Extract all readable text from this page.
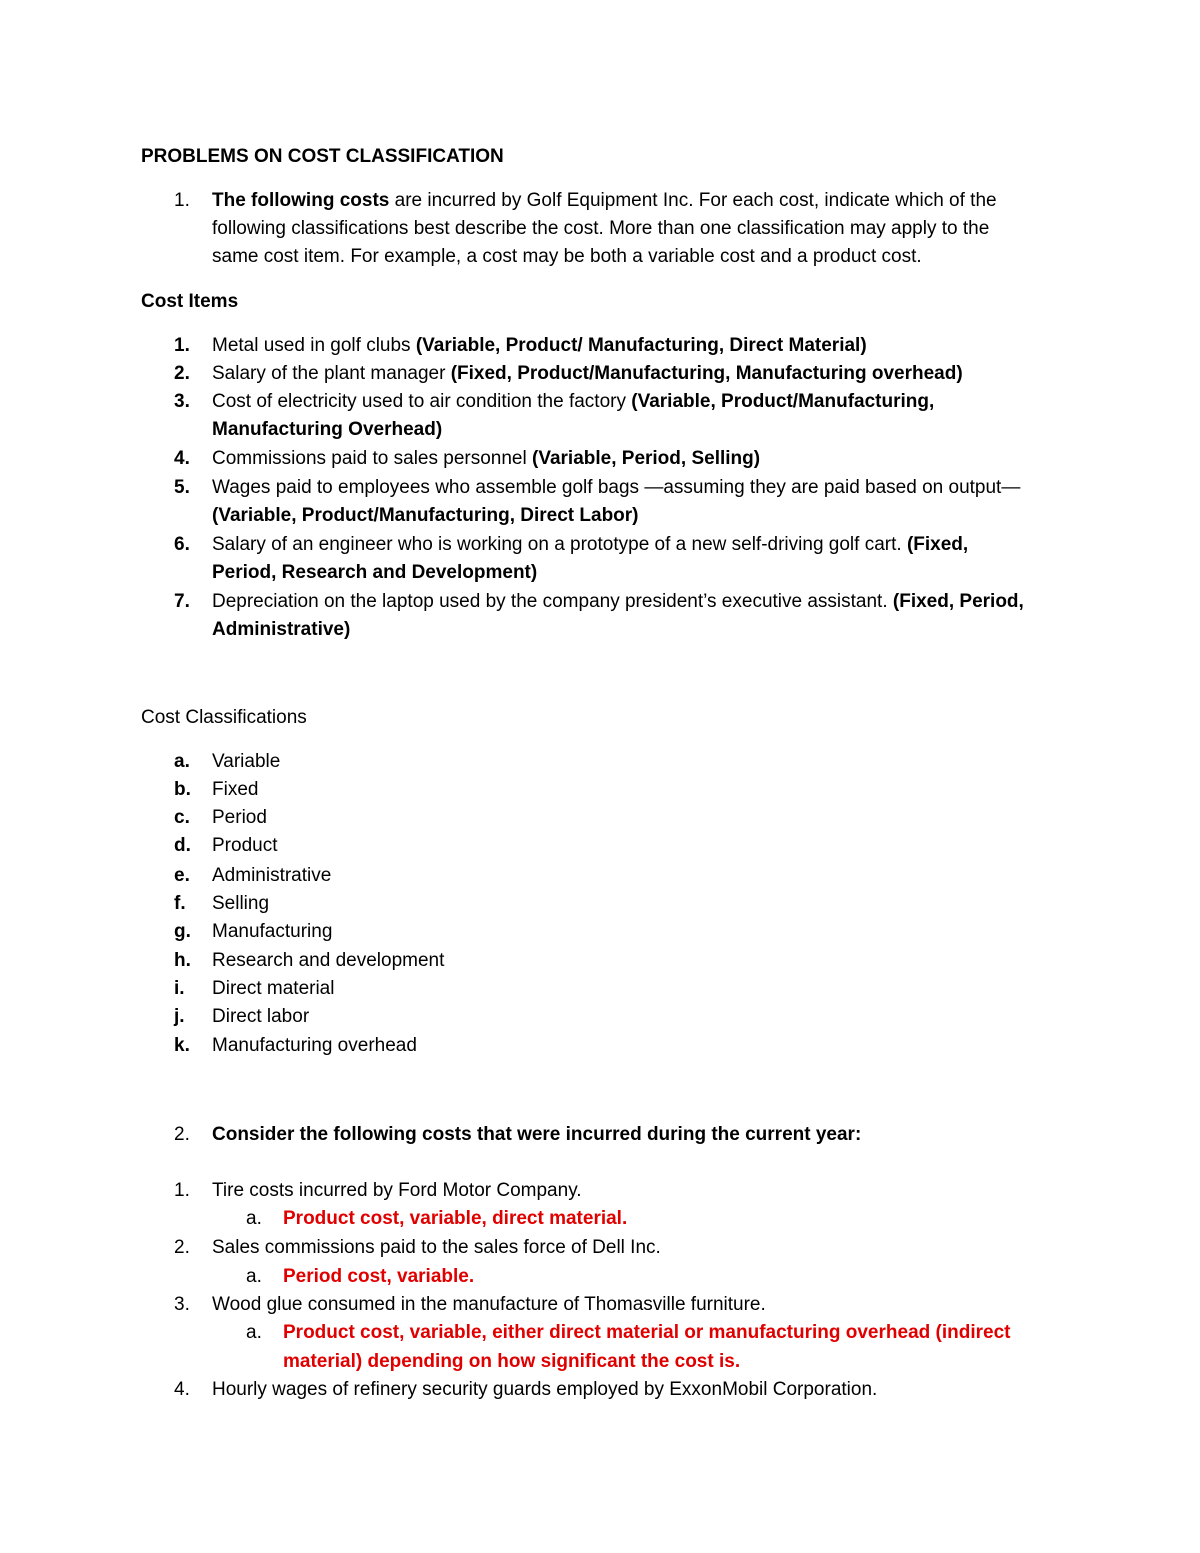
PROBLEMS ON COST CLASSIFICATION
1. The following costs are incurred by Golf Equipment Inc. For each cost, indicate which of the
following classifications best describe the cost. More than one classification may apply to the
same cost item. For example, a cost may be both a variable cost and a product cost.
Cost Items
1. Metal used in golf clubs (Variable, Product/ Manufacturing, Direct Material)
2. Salary of the plant manager (Fixed, Product/Manufacturing, Manufacturing overhead)
3. Cost of electricity used to air condition the factory (Variable, Product/Manufacturing,
Manufacturing Overhead)
4. Commissions paid to sales personnel (Variable, Period, Selling)
5. Wages paid to employees who assemble golf bags —assuming they are paid based on output—
(Variable, Product/Manufacturing, Direct Labor)
6. Salary of an engineer who is working on a prototype of a new self-driving golf cart. (Fixed,
Period, Research and Development)
7. Depreciation on the laptop used by the company president’s executive assistant. (Fixed, Period,
Administrative)
Cost Classifications
a. Variable
b. Fixed
c. Period
d. Product
e. Administrative
f. Selling
g. Manufacturing
h. Research and development
i. Direct material
j. Direct labor
k. Manufacturing overhead
2. Consider the following costs that were incurred during the current year:
1. Tire costs incurred by Ford Motor Company.
a. Product cost, variable, direct material.
2. Sales commissions paid to the sales force of Dell Inc.
a. Period cost, variable.
3. Wood glue consumed in the manufacture of Thomasville furniture.
a. Product cost, variable, either direct material or manufacturing overhead (indirect
material) depending on how significant the cost is.
4. Hourly wages of refinery security guards employed by ExxonMobil Corporation.
